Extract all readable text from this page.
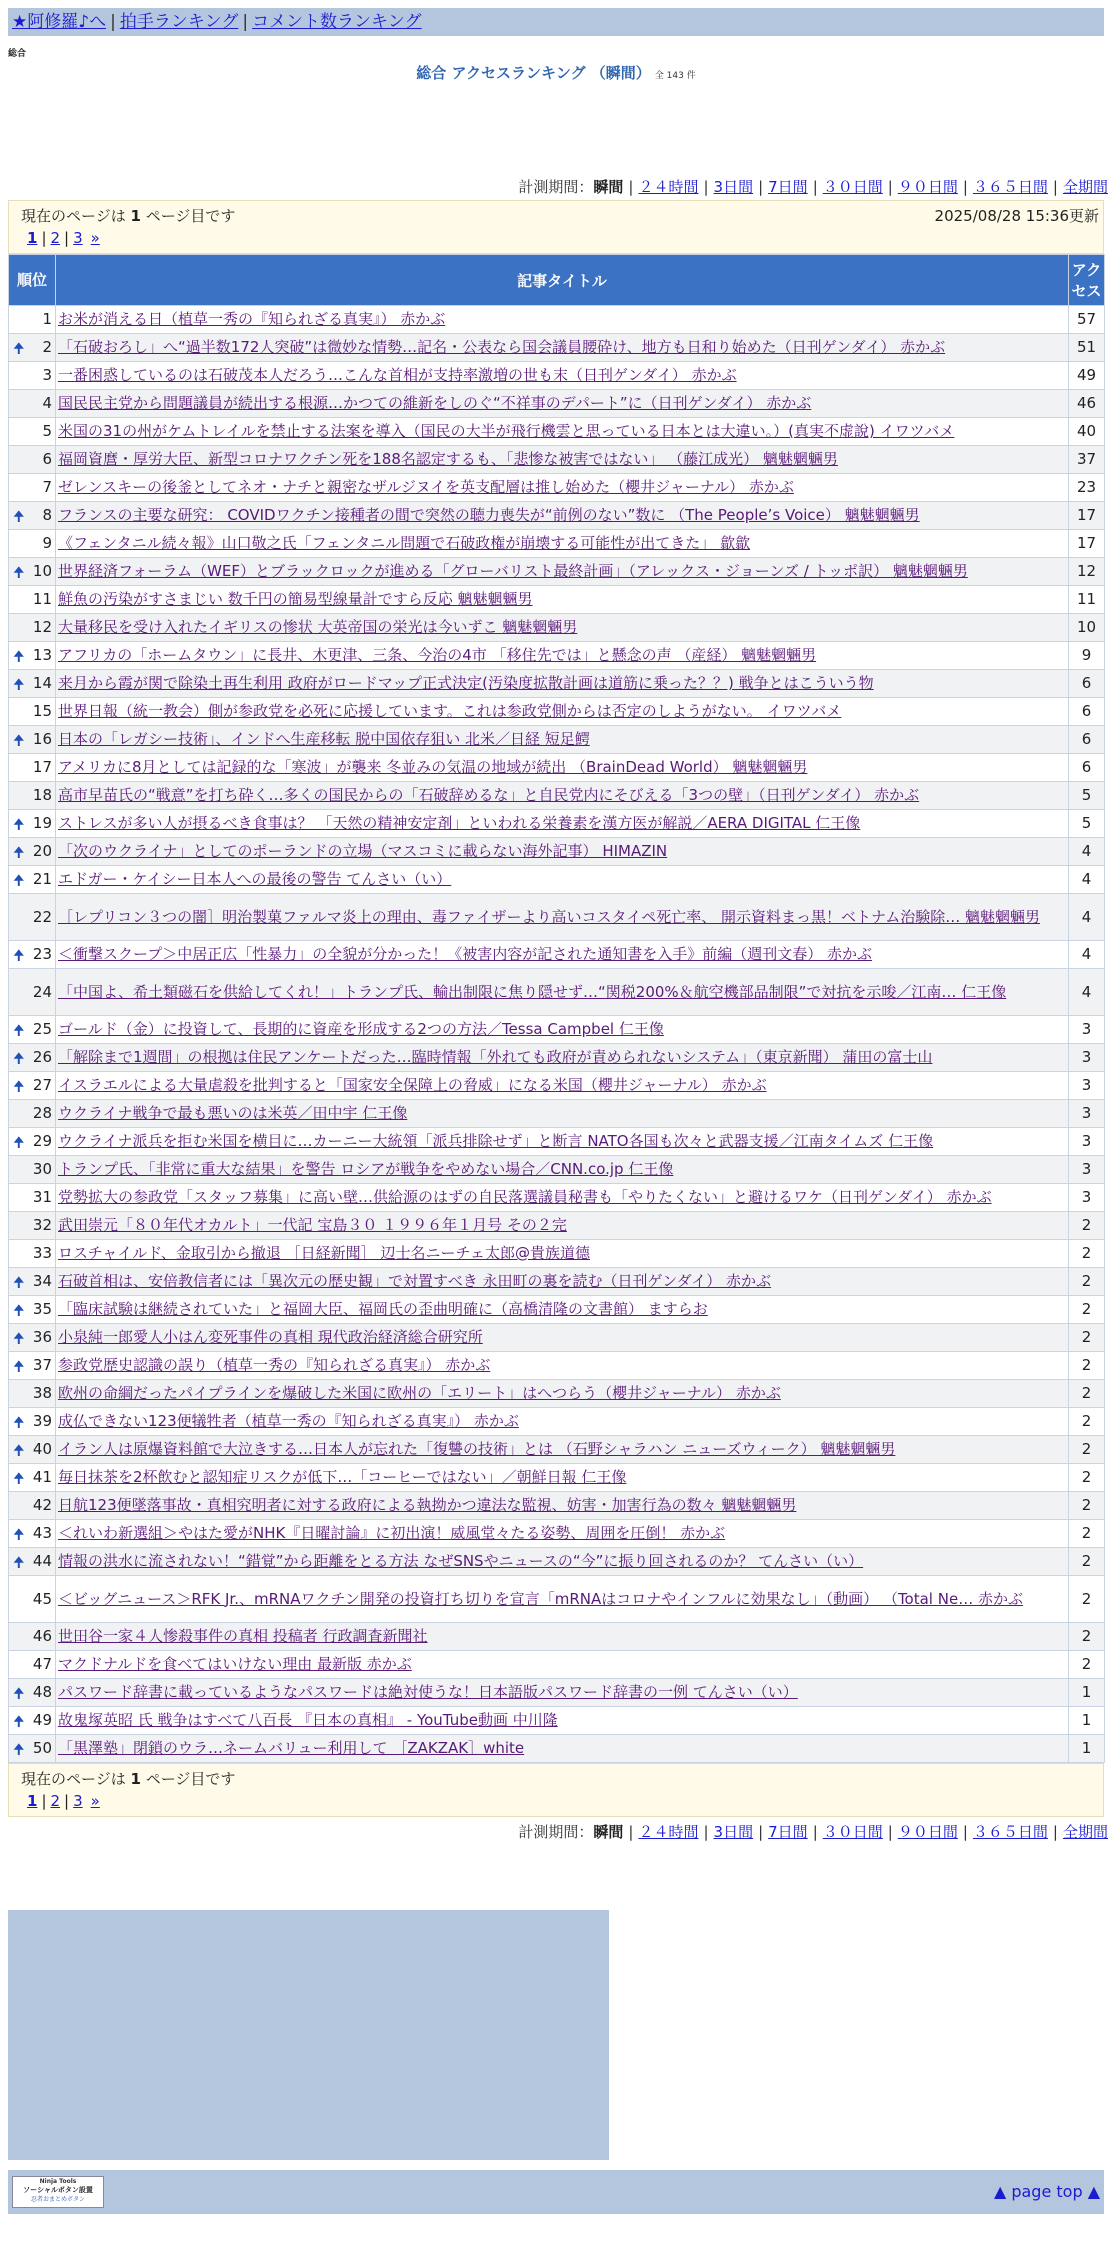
★阿修羅♪へ | 拍手ランキング | コメント数ランキング
総合
総合 アクセスランキング （瞬間） 全 143 件
計測期間：瞬間 | ２４時間 | 3日間 | 7日間 | ３０日間 | ９０日間 | ３６５日間 | 全期間
現在のページは 1 ページ目です	2025/08/28 15:36更新
1 | 2 | 3 »
順位	記事タイトル	アクセス
1	お米が消える日（植草一秀の『知られざる真実』） 赤かぶ	57

🠉 2	「石破おろし」へ“過半数172人突破”は微妙な情勢…記名・公表なら国会議員腰砕け、地方も日和り始めた（日刊ゲンダイ） 赤かぶ	51
3	一番困惑しているのは石破茂本人だろう…こんな首相が支持率激増の世も末（日刊ゲンダイ） 赤かぶ	49
4	国民民主党から問題議員が続出する根源…かつての維新をしのぐ“不祥事のデパート”に（日刊ゲンダイ） 赤かぶ	46
5	米国の31の州がケムトレイルを禁止する法案を導入（国民の大半が飛行機雲と思っている日本とは大違い。）(真実不虚說) イワツバメ	40
6	福岡資麿・厚労大臣、新型コロナワクチン死を188名認定するも、「悲惨な被害ではない」 （藤江成光） 魑魅魍魎男	37
7	ゼレンスキーの後釜としてネオ・ナチと親密なザルジヌイを英支配層は推し始めた（櫻井ジャーナル） 赤かぶ	23

🠉 8	フランスの主要な研究： COVIDワクチン接種者の間で突然の聴力喪失が“前例のない”数に （The People’s Voice） 魑魅魍魎男	17
9	《フェンタニル続々報》山口敬之氏「フェンタニル問題で石破政権が崩壊する可能性が出てきた」 歙歙	17

🠉 10	世界経済フォーラム（WEF）とブラックロックが進める「グローバリスト最終計画」（アレックス・ジョーンズ / トッポ訳） 魑魅魍魎男	12
11	鮮魚の汚染がすさまじい 数千円の簡易型線量計ですら反応 魑魅魍魎男	11
12	大量移民を受け入れたイギリスの惨状 大英帝国の栄光は今いずこ 魑魅魍魎男	10

🠉 13	アフリカの「ホームタウン」に長井、木更津、三条、今治の4市 「移住先では」と懸念の声 （産経） 魑魅魍魎男	9

🠉 14	来月から霞が関で除染土再生利用 政府がロードマップ正式決定(汚染度拡散計画は道筋に乗った？？) 戦争とはこういう物	6
15	世界日報（統一教会）側が参政党を必死に応援しています。これは参政党側からは否定のしようがない。 イワツバメ	6

🠉 16	日本の「レガシー技術」、インドへ生産移転 脱中国依存狙い 北米／日経 短足鰐	6
17	アメリカに8月としては記録的な「寒波」が襲来 冬並みの気温の地域が続出 （BrainDead World） 魑魅魍魎男	6
18	高市早苗氏の“戦意”を打ち砕く…多くの国民からの「石破辞めるな」と自民党内にそびえる「3つの壁」（日刊ゲンダイ） 赤かぶ	5

🠉 19	ストレスが多い人が摂るべき食事は？ 「天然の精神安定剤」といわれる栄養素を漢方医が解説／AERA DIGITAL 仁王像	5

🠉 20	「次のウクライナ」としてのポーランドの立場（マスコミに載らない海外記事） HIMAZIN	4

🠉 21	エドガー・ケイシー日本人への最後の警告 てんさい（い）	4
22	［レプリコン３つの闇］明治製菓ファルマ炎上の理由、毒ファイザーより高いコスタイペ死亡率、 開示資料まっ黒！ベトナム治験除… 魑魅魍魎男	4

🠉 23	＜衝撃スクープ＞中居正広「性暴力」の全貌が分かった！《被害内容が記された通知書を入手》前編（週刊文春） 赤かぶ	4
24	「中国よ、希土類磁石を供給してくれ！」トランプ氏、輸出制限に焦り隠せず…“関税200%＆航空機部品制限”で対抗を示唆／江南… 仁王像	4

🠉 25	ゴールド（金）に投資して、長期的に資産を形成する2つの方法／Tessa Campbel 仁王像	3

🠉 26	「解除まで1週間」の根拠は住民アンケートだった…臨時情報「外れても政府が責められないシステム」（東京新聞） 蒲田の富士山	3

🠉 27	イスラエルによる大量虐殺を批判すると「国家安全保障上の脅威」になる米国（櫻井ジャーナル） 赤かぶ	3
28	ウクライナ戦争で最も悪いのは米英／田中宇 仁王像	3

🠉 29	ウクライナ派兵を拒む米国を横目に…カーニー大統領「派兵排除せず」と断言 NATO各国も次々と武器支援／江南タイムズ 仁王像	3
30	トランプ氏、「非常に重大な結果」を警告 ロシアが戦争をやめない場合／CNN.co.jp 仁王像	3
31	党勢拡大の参政党「スタッフ募集」に高い壁…供給源のはずの自民落選議員秘書も「やりたくない」と避けるワケ（日刊ゲンダイ） 赤かぶ	3
32	武田崇元「８０年代オカルト」一代記 宝島３０ １９９６年１月号 その２完	2
33	ロスチャイルド、金取引から撤退 ［日経新聞］ 辺士名ニーチェ太郎@貴族道德	2

🠉 34	石破首相は、安倍教信者には「異次元の歴史観」で対置すべき 永田町の裏を読む（日刊ゲンダイ） 赤かぶ	2

🠉 35	「臨床試験は継続されていた」と福岡大臣、福岡氏の歪曲明確に（高橋清隆の文書館） ますらお	2

🠉 36	小泉純一郎愛人小はん変死事件の真相 現代政治経済総合研究所	2

🠉 37	参政党歴史認識の誤り（植草一秀の『知られざる真実』） 赤かぶ	2
38	欧州の命綱だったパイプラインを爆破した米国に欧州の「エリート」はへつらう（櫻井ジャーナル） 赤かぶ	2

🠉 39	成仏できない123便犠牲者（植草一秀の『知られざる真実』） 赤かぶ	2

🠉 40	イラン人は原爆資料館で大泣きする…日本人が忘れた「復讐の技術」とは （石野シャラハン ニューズウィーク） 魑魅魍魎男	2

🠉 41	毎日抹茶を2杯飲むと認知症リスクが低下…「コーヒーではない」／朝鮮日報 仁王像	2
42	日航123便墜落事故・真相究明者に対する政府による執拗かつ違法な監視、妨害・加害行為の数々 魑魅魍魎男	2

🠉 43	＜れいわ新選組＞やはた愛がNHK『日曜討論』に初出演！威風堂々たる姿勢、周囲を圧倒！ 赤かぶ	2

🠉 44	情報の洪水に流されない！“錯覚”から距離をとる方法 なぜSNSやニュースの“今”に振り回されるのか？ てんさい（い）	2
45	＜ビッグニュース＞RFK Jr.、mRNAワクチン開発の投資打ち切りを宣言「mRNAはコロナやインフルに効果なし」（動画） （Total Ne… 赤かぶ	2
46	世田谷一家４人惨殺事件の真相 投稿者 行政調査新聞社	2
47	マクドナルドを食べてはいけない理由 最新版 赤かぶ	2

🠉 48	パスワード辞書に載っているようなパスワードは絶対使うな！日本語版パスワード辞書の一例 てんさい（い）	1

🠉 49	故鬼塚英昭 氏 戦争はすべて八百長 『日本の真相』 - YouTube動画 中川隆	1

🠉 50	「黒澤塾」閉鎖のウラ…ネームバリュー利用して ［ZAKZAK］white	1
現在のページは 1 ページ目です
1 | 2 | 3 »
計測期間：瞬間 | ２４時間 | 3日間 | 7日間 | ３０日間 | ９０日間 | ３６５日間 | 全期間
Ninja Tools
ソーシャルボタン設置
忍者おまとめボタン	▲ page top ▲
